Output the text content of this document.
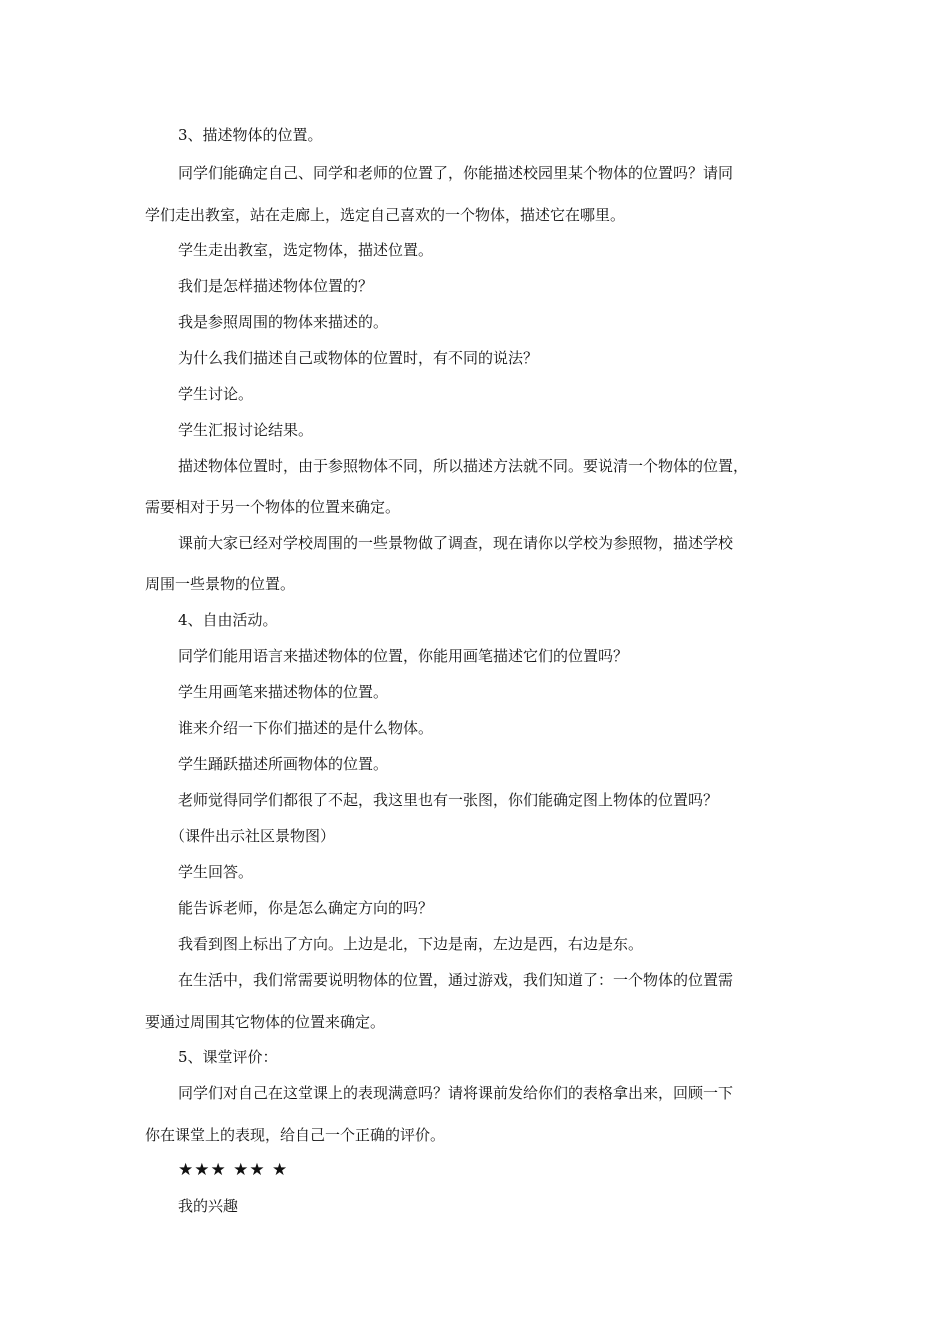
3、描述物体的位置。
同学们能确定自己、同学和老师的位置了，你能描述校园里某个物体的位置吗？请同
学们走出教室，站在走廊上，选定自己喜欢的一个物体，描述它在哪里。
学生走出教室，选定物体，描述位置。
我们是怎样描述物体位置的？
我是参照周围的物体来描述的。
为什么我们描述自己或物体的位置时，有不同的说法？
学生讨论。
学生汇报讨论结果。
描述物体位置时，由于参照物体不同，所以描述方法就不同。要说清一个物体的位置，
需要相对于另一个物体的位置来确定。
课前大家已经对学校周围的一些景物做了调查，现在请你以学校为参照物，描述学校
周围一些景物的位置。
4、自由活动。
同学们能用语言来描述物体的位置，你能用画笔描述它们的位置吗？
学生用画笔来描述物体的位置。
谁来介绍一下你们描述的是什么物体。
学生踊跃描述所画物体的位置。
老师觉得同学们都很了不起，我这里也有一张图，你们能确定图上物体的位置吗？
（课件出示社区景物图）
学生回答。
能告诉老师，你是怎么确定方向的吗？
我看到图上标出了方向。上边是北，下边是南，左边是西，右边是东。
在生活中，我们常需要说明物体的位置，通过游戏，我们知道了：一个物体的位置需
要通过周围其它物体的位置来确定。
5、课堂评价：
同学们对自己在这堂课上的表现满意吗？请将课前发给你们的表格拿出来，回顾一下
你在课堂上的表现，给自己一个正确的评价。
★★★ ★★ ★
我的兴趣
